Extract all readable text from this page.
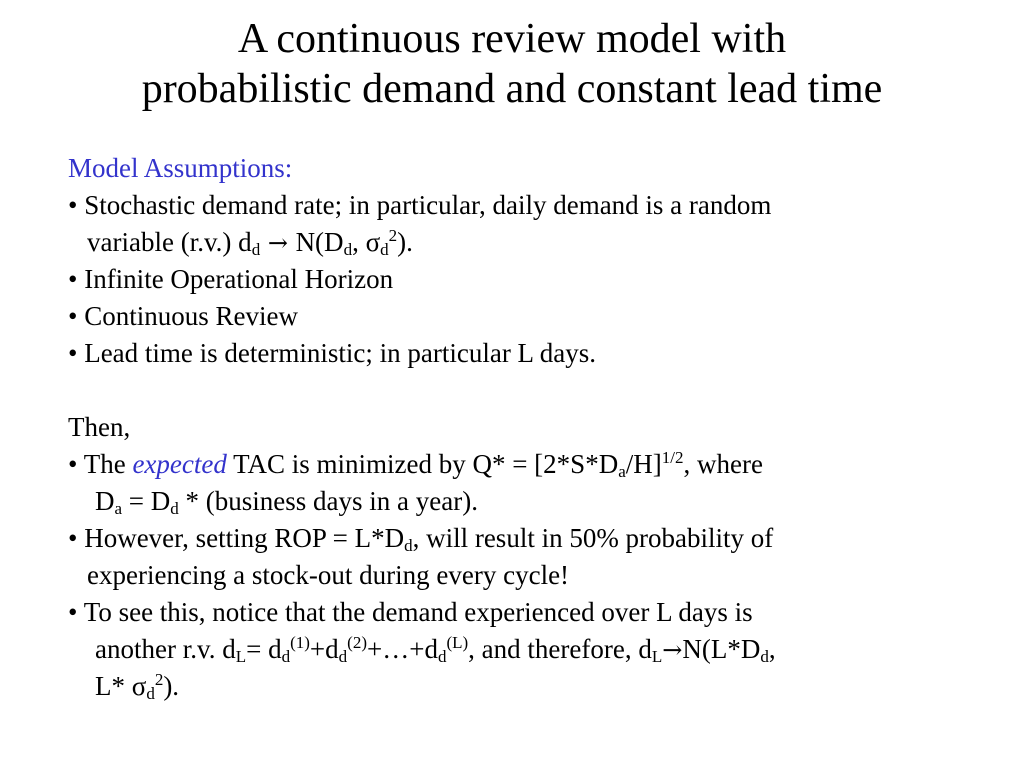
A continuous review model with
probabilistic demand and constant lead time
Model Assumptions:
• Stochastic demand rate; in particular, daily demand is a random
variable (r.v.) $d_d \to N(D_d$, $\sigma_d^2$).
• Infinite Operational Horizon
• Continuous Review
• Lead time is deterministic; in particular L days.
Then,
• The expected TAC is minimized by $Q* = [2*S*D_a/H]^{1/2}$, where
$D_a = D_d$ * (business days in a year).
• However, setting ROP = $L*D_d$, will result in 50% probability of
experiencing a stock-out during every cycle!
• To see this, notice that the demand experienced over L days is
another r.v. $d_L=$ $d_d^{(1)}+d_d^{(2)}+\dots+d_d^{(L)}$, and therefore, $d_L\to N(L*D_d$,
L* $\sigma_d^2$).
